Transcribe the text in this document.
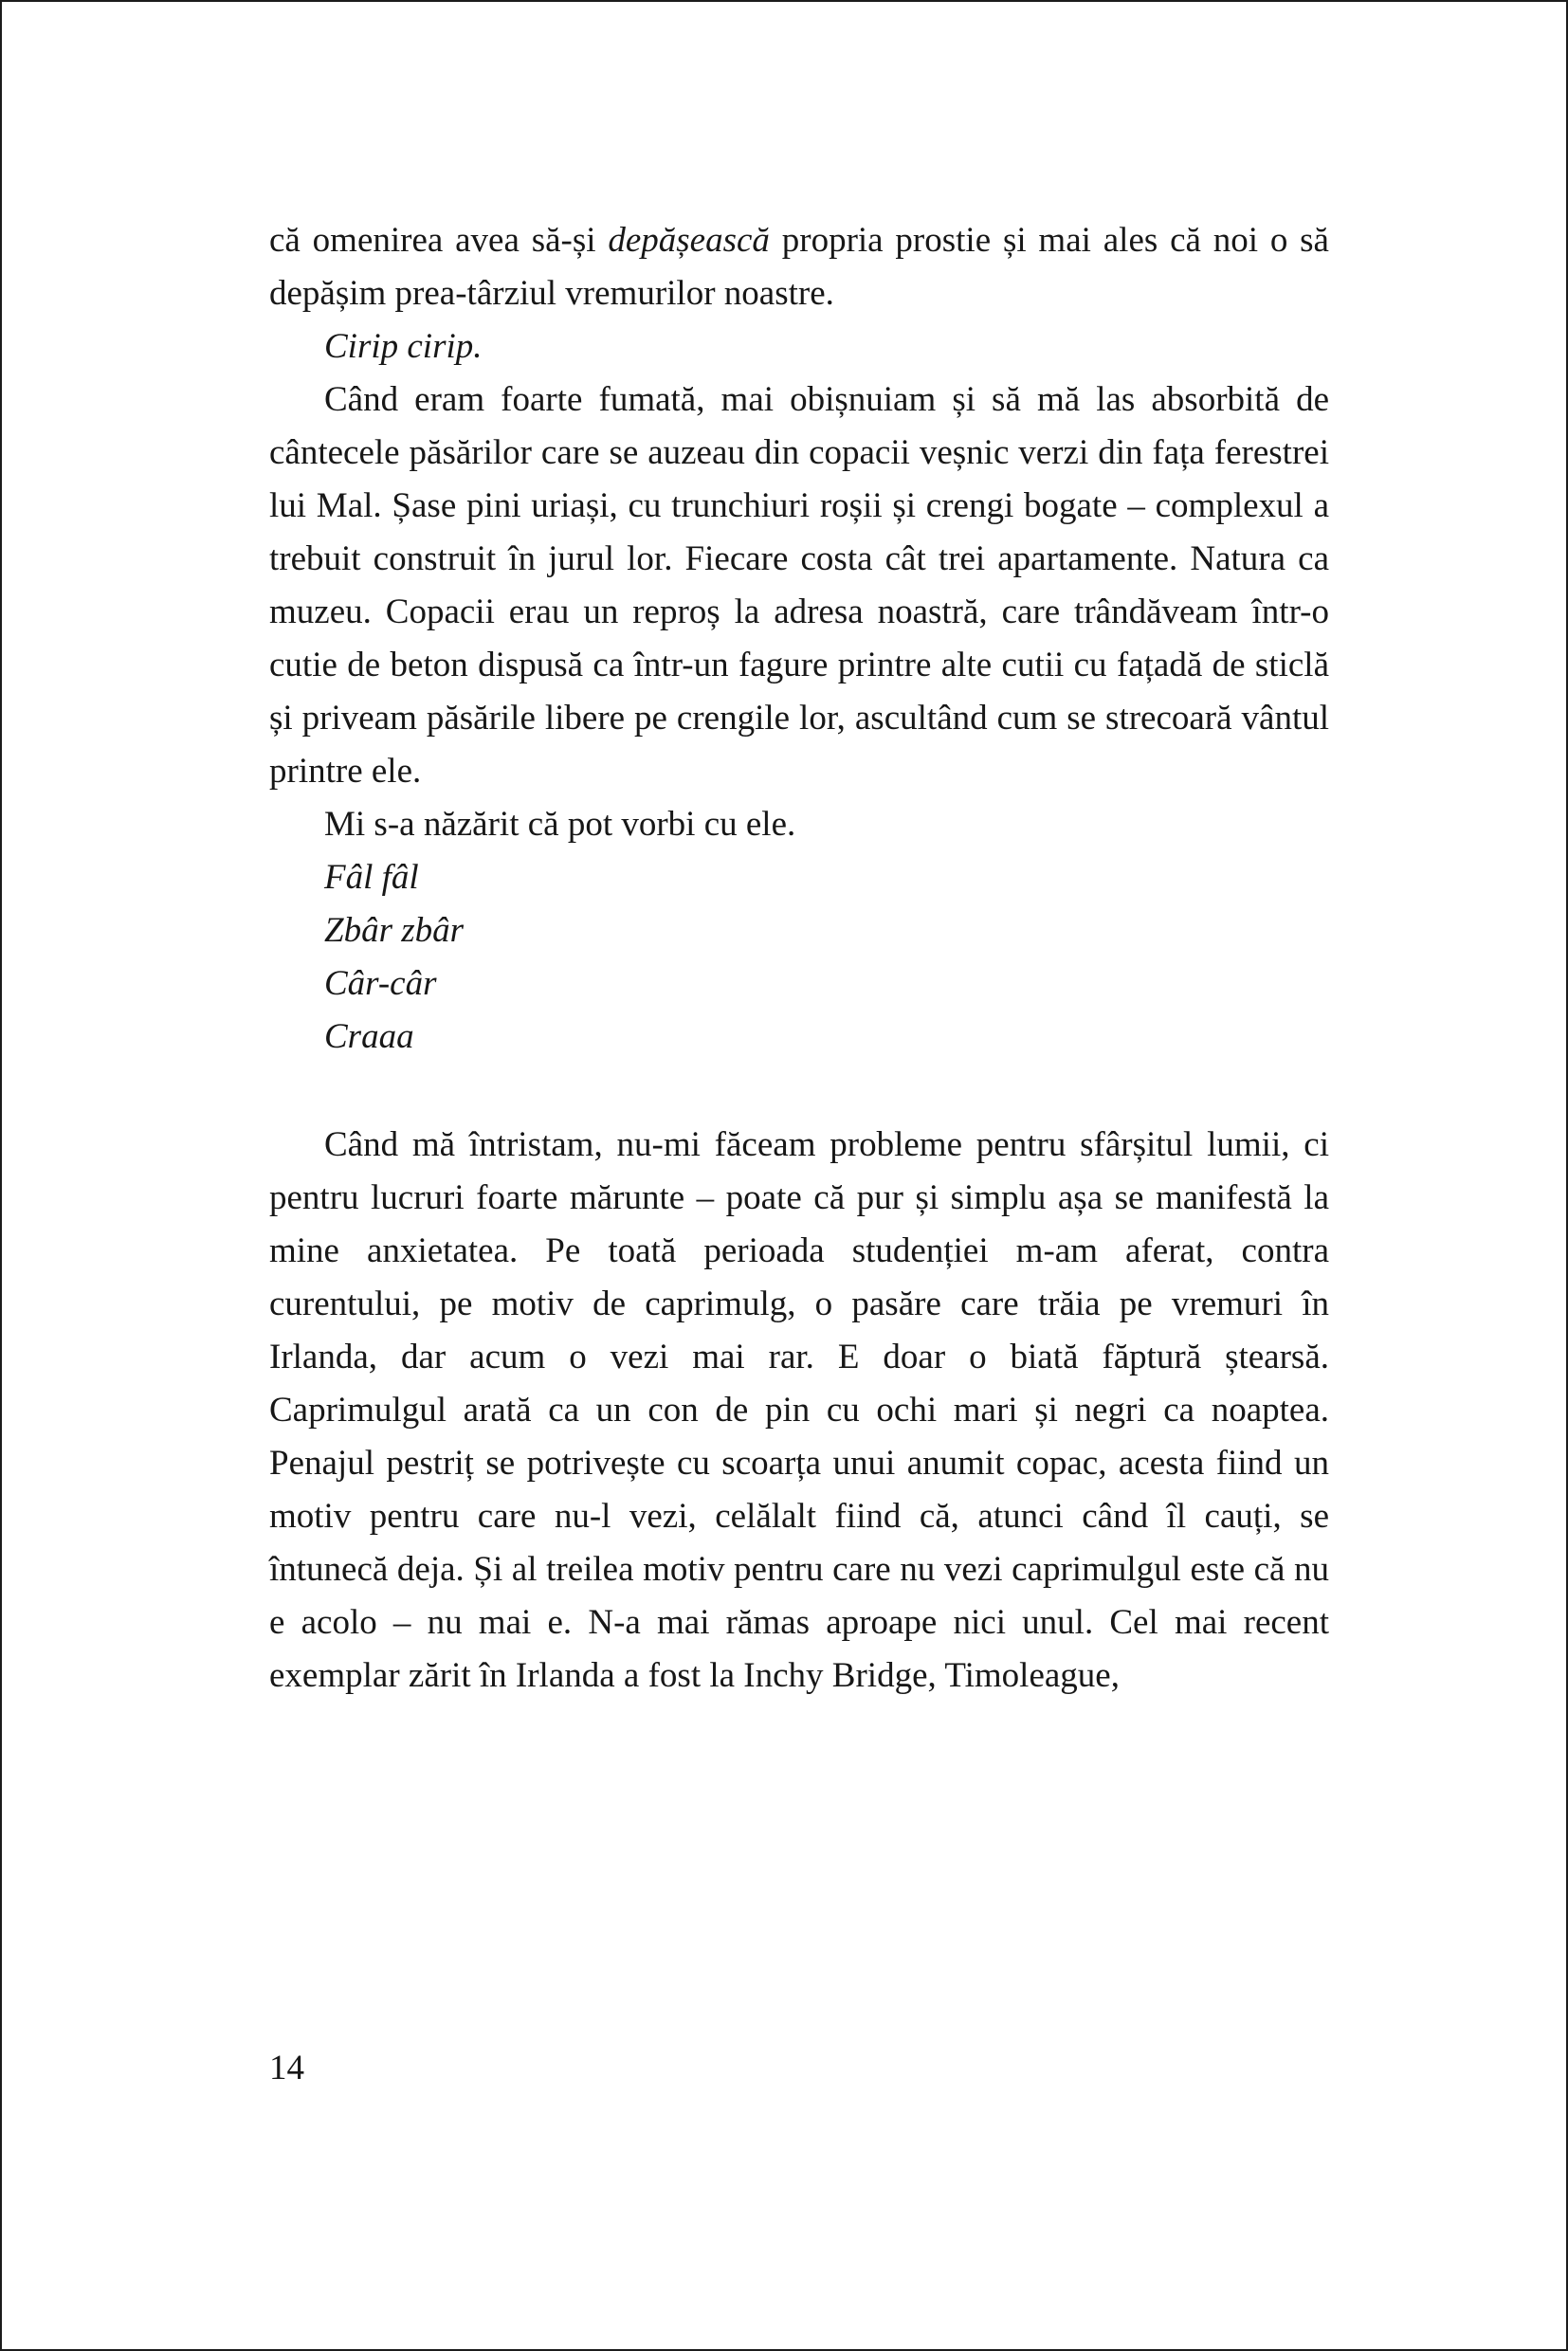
că omenirea avea să-și depășească propria prostie și mai ales că noi o să depășim prea-târziul vremurilor noastre.

Cirip cirip.

Când eram foarte fumată, mai obișnuiam și să mă las absorbită de cântecele păsărilor care se auzeau din copacii veșnic verzi din fața ferestrei lui Mal. Șase pini uriași, cu trunchiuri roșii și crengi bogate – complexul a trebuit construit în jurul lor. Fiecare costa cât trei apartamente. Natura ca muzeu. Copacii erau un reproș la adresa noastră, care trândăveam într-o cutie de beton dispusă ca într-un fagure printre alte cutii cu fațadă de sticlă și priveam păsările libere pe crengile lor, ascultând cum se strecoară vântul printre ele.

Mi s-a năzărit că pot vorbi cu ele.

Fâl fâl

Zbâr zbâr

Câr-câr

Craaa

Când mă întristam, nu-mi făceam probleme pentru sfârșitul lumii, ci pentru lucruri foarte mărunte – poate că pur și simplu așa se manifestă la mine anxietatea. Pe toată perioada studenției m-am aferat, contra curentului, pe motiv de caprimulg, o pasăre care trăia pe vremuri în Irlanda, dar acum o vezi mai rar. E doar o biată făptură ștearsă. Caprimulgul arată ca un con de pin cu ochi mari și negri ca noaptea. Penajul pestriț se potrivește cu scoarța unui anumit copac, acesta fiind un motiv pentru care nu-l vezi, celălalt fiind că, atunci când îl cauți, se întunecă deja. Și al treilea motiv pentru care nu vezi caprimulgul este că nu e acolo – nu mai e. N-a mai rămas aproape nici unul. Cel mai recent exemplar zărit în Irlanda a fost la Inchy Bridge, Timoleague,

14
